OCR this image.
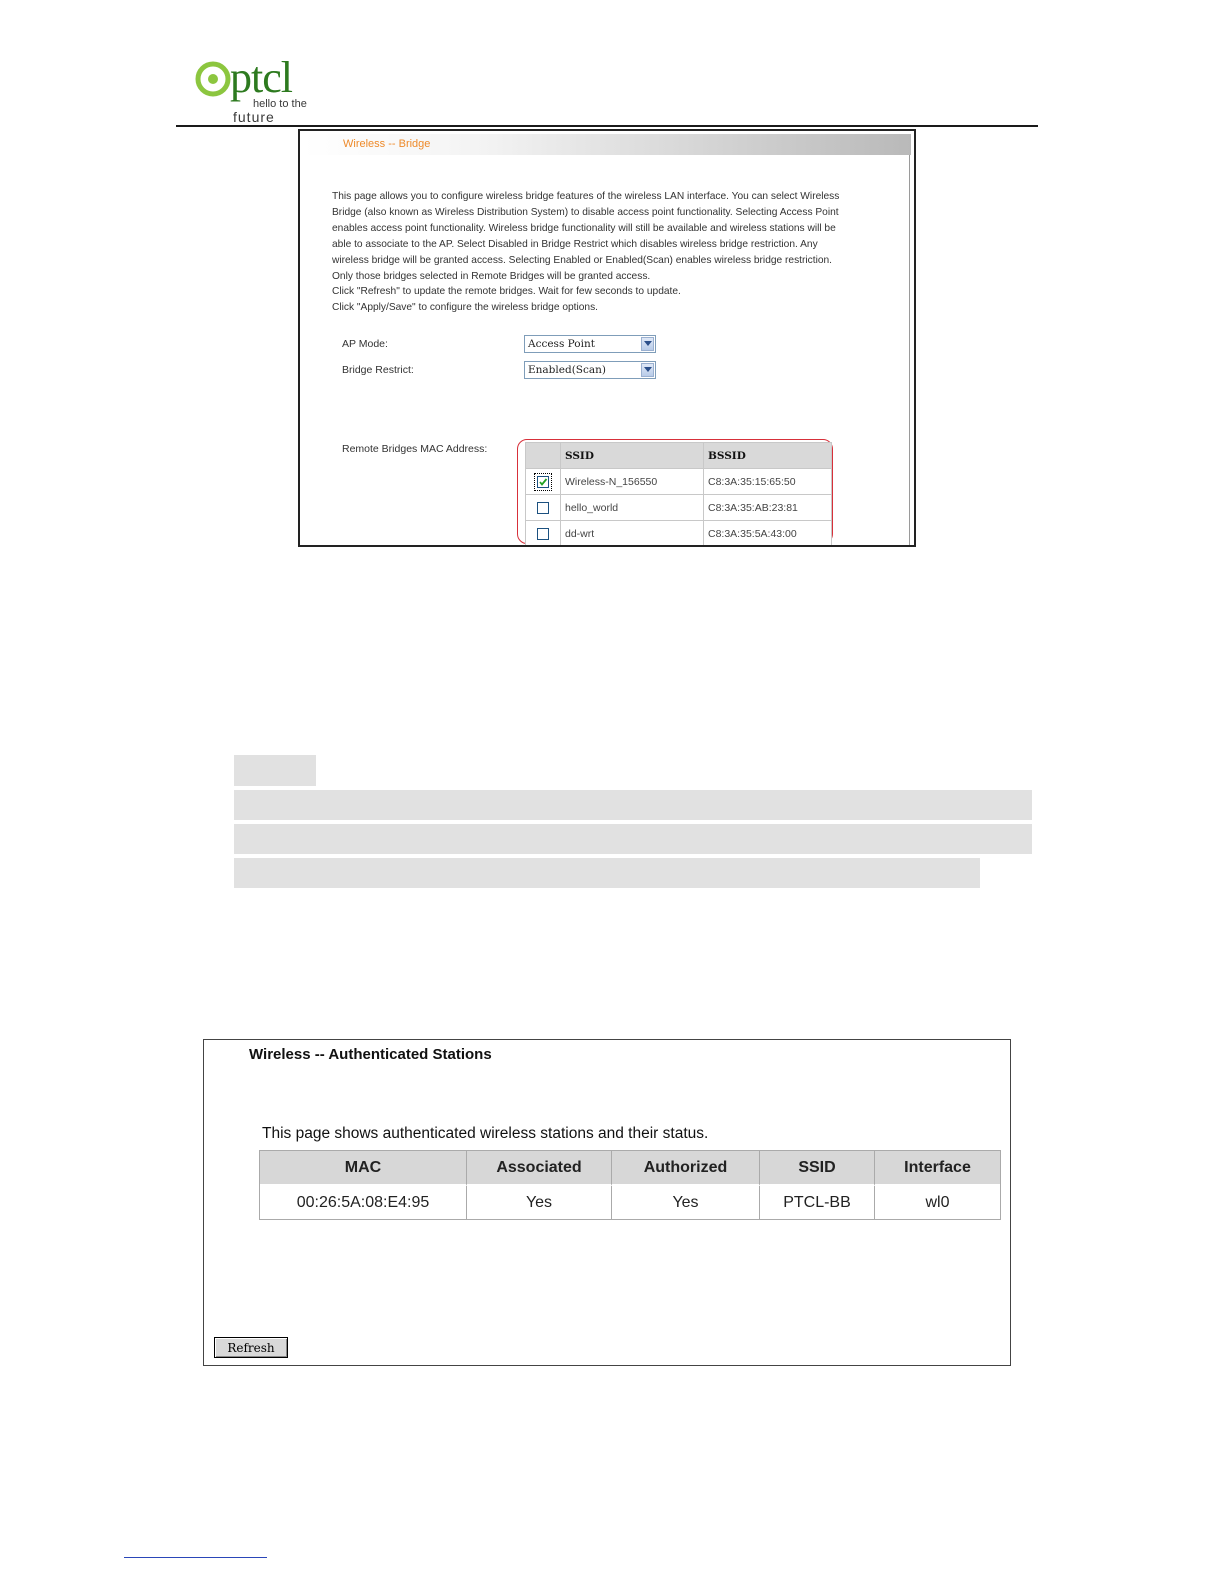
ptcl
hello to the
future
Wireless -- Bridge

This page allows you to configure wireless bridge features of the wireless LAN interface. You can select Wireless

Bridge (also known as Wireless Distribution System) to disable access point functionality. Selecting Access Point

enables access point functionality. Wireless bridge functionality will still be available and wireless stations will be

able to associate to the AP. Select Disabled in Bridge Restrict which disables wireless bridge restriction. Any

wireless bridge will be granted access. Selecting Enabled or Enabled(Scan) enables wireless bridge restriction.

Only those bridges selected in Remote Bridges will be granted access.

Click "Refresh" to update the remote bridges. Wait for few seconds to update.

Click "Apply/Save" to configure the wireless bridge options.

AP Mode:	Access Point
Bridge Restrict:	Enabled(Scan)
Remote Bridges MAC Address:
	SSID	BSSID

	Wireless-N_156550	C8:3A:35:15:65:50
	hello_world	C8:3A:35:AB:23:81
	dd-wrt	C8:3A:35:5A:43:00
Wireless -- Authenticated Stations
This page shows authenticated wireless stations and their status.
MAC	Associated	Authorized	SSID	Interface
00:26:5A:08:E4:95	Yes	Yes	PTCL-BB	wl0
Refresh
